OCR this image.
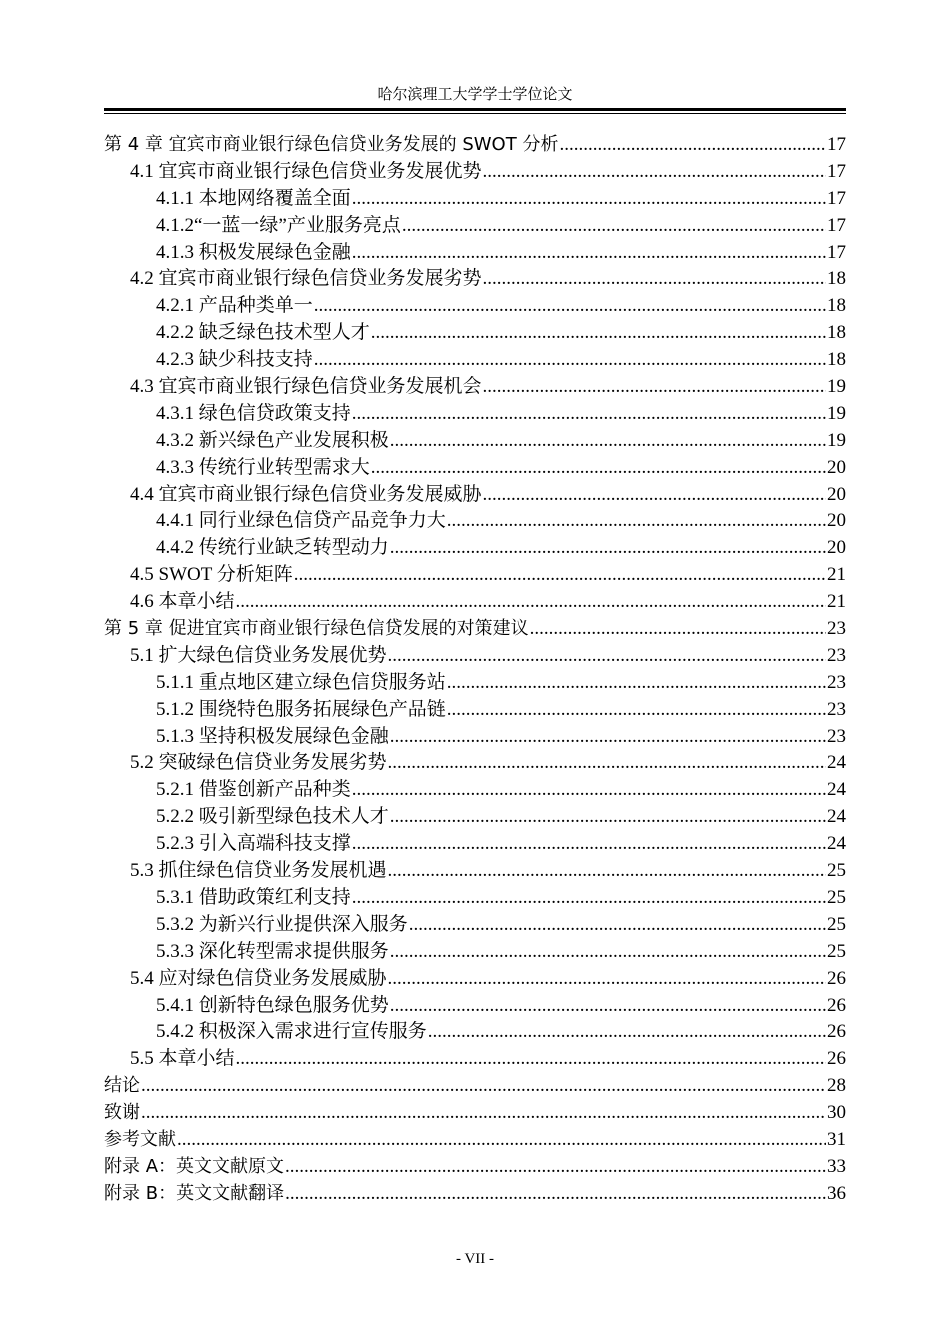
哈尔滨理工大学学士学位论文
第 4 章 宜宾市商业银行绿色信贷业务发展的 SWOT 分析 .....	17
4.1 宜宾市商业银行绿色信贷业务发展优势 .....	17
4.1.1 本地网络覆盖全面 .....	17
4.1.2“一蓝一绿”产业服务亮点 .....	17
4.1.3 积极发展绿色金融 .....	17
4.2 宜宾市商业银行绿色信贷业务发展劣势 .....	18
4.2.1 产品种类单一 .....	18
4.2.2 缺乏绿色技术型人才 .....	18
4.2.3 缺少科技支持 .....	18
4.3 宜宾市商业银行绿色信贷业务发展机会 .....	19
4.3.1 绿色信贷政策支持 .....	19
4.3.2 新兴绿色产业发展积极 .....	19
4.3.3 传统行业转型需求大 .....	20
4.4 宜宾市商业银行绿色信贷业务发展威胁 .....	20
4.4.1 同行业绿色信贷产品竞争力大 .....	20
4.4.2 传统行业缺乏转型动力 .....	20
4.5 SWOT 分析矩阵 .....	21
4.6 本章小结 .....	21
第 5 章 促进宜宾市商业银行绿色信贷发展的对策建议 .....	23
5.1 扩大绿色信贷业务发展优势 .....	23
5.1.1 重点地区建立绿色信贷服务站 .....	23
5.1.2 围绕特色服务拓展绿色产品链 .....	23
5.1.3 坚持积极发展绿色金融 .....	23
5.2 突破绿色信贷业务发展劣势 .....	24
5.2.1 借鉴创新产品种类 .....	24
5.2.2 吸引新型绿色技术人才 .....	24
5.2.3 引入高端科技支撑 .....	24
5.3 抓住绿色信贷业务发展机遇 .....	25
5.3.1 借助政策红利支持 .....	25
5.3.2 为新兴行业提供深入服务 .....	25
5.3.3 深化转型需求提供服务 .....	25
5.4 应对绿色信贷业务发展威胁 .....	26
5.4.1 创新特色绿色服务优势 .....	26
5.4.2 积极深入需求进行宣传服务 .....	26
5.5 本章小结 .....	26
结论 .....	28
致谢 .....	30
参考文献 .....	31
附录 A：英文文献原文 .....	33
附录 B：英文文献翻译 .....	36
- VII -
